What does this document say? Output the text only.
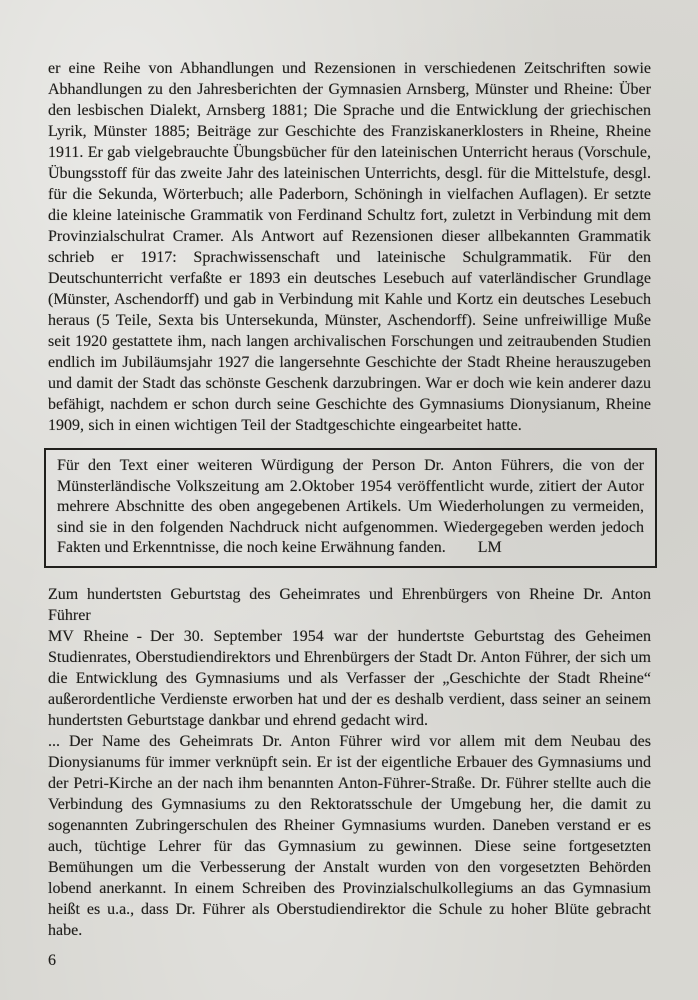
er eine Reihe von Abhandlungen und Rezensionen in verschiedenen Zeitschriften sowie Abhandlungen zu den Jahresberichten der Gymnasien Arnsberg, Münster und Rheine: Über den lesbischen Dialekt, Arnsberg 1881; Die Sprache und die Entwicklung der griechischen Lyrik, Münster 1885; Beiträge zur Geschichte des Franziskanerklosters in Rheine, Rheine 1911. Er gab vielgebrauchte Übungsbücher für den lateinischen Unterricht heraus (Vorschule, Übungsstoff für das zweite Jahr des lateinischen Unterrichts, desgl. für die Mittelstufe, desgl. für die Sekunda, Wörterbuch; alle Paderborn, Schöningh in vielfachen Auflagen). Er setzte die kleine lateinische Grammatik von Ferdinand Schultz fort, zuletzt in Verbindung mit dem Provinzialschulrat Cramer. Als Antwort auf Rezensionen dieser allbekannten Grammatik schrieb er 1917: Sprachwissenschaft und lateinische Schulgrammatik. Für den Deutschunterricht verfaßte er 1893 ein deutsches Lesebuch auf vaterländischer Grundlage (Münster, Aschendorff) und gab in Verbindung mit Kahle und Kortz ein deutsches Lesebuch heraus (5 Teile, Sexta bis Untersekunda, Münster, Aschendorff). Seine unfreiwillige Muße seit 1920 gestattete ihm, nach langen archivalischen Forschungen und zeitraubenden Studien endlich im Jubiläumsjahr 1927 die langersehnte Geschichte der Stadt Rheine herauszugeben und damit der Stadt das schönste Geschenk darzubringen. War er doch wie kein anderer dazu befähigt, nachdem er schon durch seine Geschichte des Gymnasiums Dionysianum, Rheine 1909, sich in einen wichtigen Teil der Stadtgeschichte eingearbeitet hatte.

Für den Text einer weiteren Würdigung der Person Dr. Anton Führers, die von der Münsterländische Volkszeitung am 2.Oktober 1954 veröffentlicht wurde, zitiert der Autor mehrere Abschnitte des oben angegebenen Artikels. Um Wiederholungen zu vermeiden, sind sie in den folgenden Nachdruck nicht aufgenommen. Wiedergegeben werden jedoch Fakten und Erkenntnisse, die noch keine Erwähnung fanden. LM

Zum hundertsten Geburtstag des Geheimrates und Ehrenbürgers von Rheine Dr. Anton Führer

MV Rheine - Der 30. September 1954 war der hundertste Geburtstag des Geheimen Studienrates, Oberstudiendirektors und Ehrenbürgers der Stadt Dr. Anton Führer, der sich um die Entwicklung des Gymnasiums und als Verfasser der „Geschichte der Stadt Rheine“ außerordentliche Verdienste erworben hat und der es deshalb verdient, dass seiner an seinem hundertsten Geburtstage dankbar und ehrend gedacht wird.

... Der Name des Geheimrats Dr. Anton Führer wird vor allem mit dem Neubau des Dionysianums für immer verknüpft sein. Er ist der eigentliche Erbauer des Gymnasiums und der Petri-Kirche an der nach ihm benannten Anton-Führer-Straße. Dr. Führer stellte auch die Verbindung des Gymnasiums zu den Rektoratsschule der Umgebung her, die damit zu sogenannten Zubringerschulen des Rheiner Gymnasiums wurden. Daneben verstand er es auch, tüchtige Lehrer für das Gymnasium zu gewinnen. Diese seine fortgesetzten Bemühungen um die Verbesserung der Anstalt wurden von den vorgesetzten Behörden lobend anerkannt. In einem Schreiben des Provinzialschulkollegiums an das Gymnasium heißt es u.a., dass Dr. Führer als Oberstudiendirektor die Schule zu hoher Blüte gebracht habe.

6
